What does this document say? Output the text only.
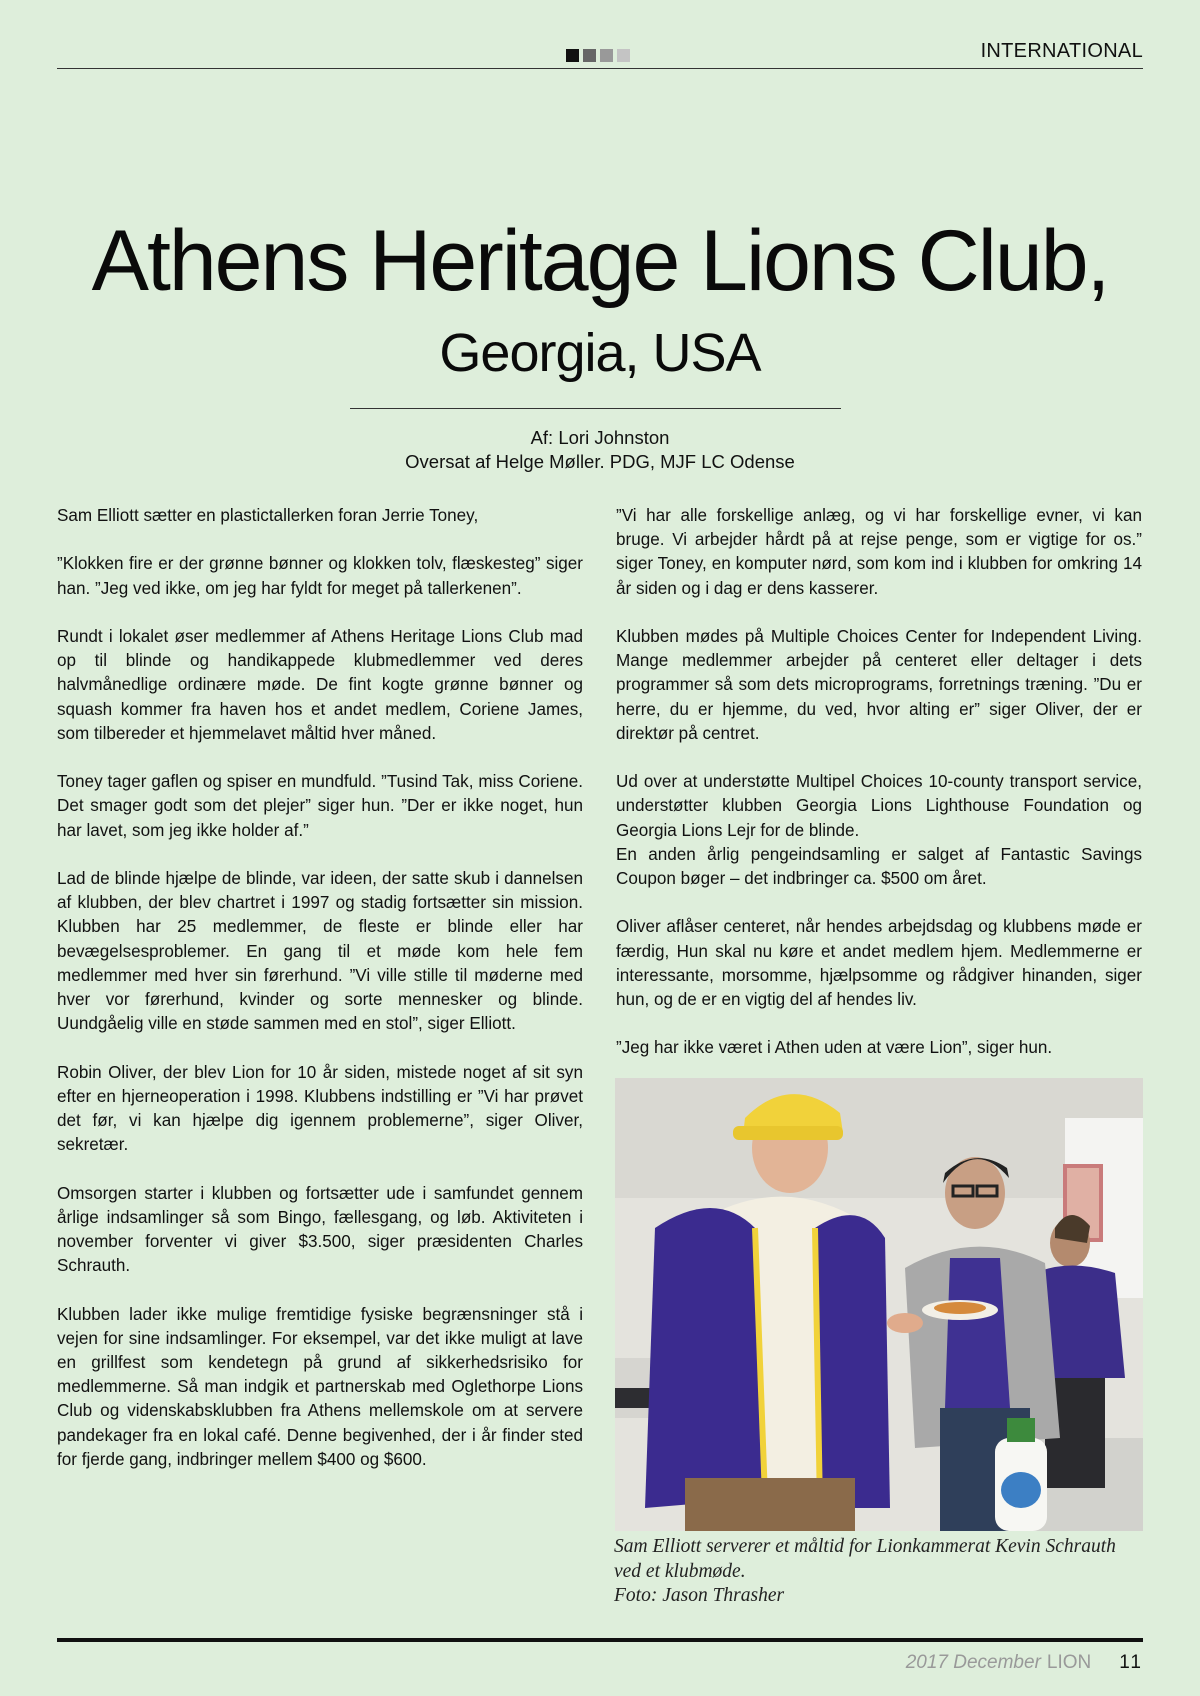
INTERNATIONAL
Athens Heritage Lions Club,
Georgia, USA
Af: Lori Johnston
Oversat af Helge Møller. PDG, MJF LC Odense

Sam Elliott sætter en plastictallerken foran Jerrie Toney,

”Klokken fire er der grønne bønner og klokken tolv, flæskesteg” siger han. ”Jeg ved ikke, om jeg har fyldt for meget på tallerkenen”.

Rundt i lokalet øser medlemmer af Athens Heritage Lions Club mad op til blinde og handikappede klubmedlemmer ved deres halvmånedlige ordinære møde. De fint kogte grønne bønner og squash kommer fra haven hos et andet medlem, Coriene James, som tilbereder et hjemmelavet måltid hver måned.

Toney tager gaflen og spiser en mundfuld. ”Tusind Tak, miss Coriene. Det smager godt som det plejer” siger hun. ”Der er ikke noget, hun har lavet, som jeg ikke holder af.”

Lad de blinde hjælpe de blinde, var ideen, der satte skub i dannelsen af klubben, der blev chartret i 1997 og stadig fortsætter sin mission. Klubben har 25 medlemmer, de fleste er blinde eller har bevægelsesproblemer. En gang til et møde kom hele fem medlemmer med hver sin førerhund. ”Vi ville stille til møderne med hver vor førerhund, kvinder og sorte mennesker og blinde. Uundgåelig ville en støde sammen med en stol”, siger Elliott.

Robin Oliver, der blev Lion for 10 år siden, mistede noget af sit syn efter en hjerneoperation i 1998. Klubbens indstilling er ”Vi har prøvet det før, vi kan hjælpe dig igennem problemerne”, siger Oliver, sekretær.

Omsorgen starter i klubben og fortsætter ude i samfundet gennem årlige indsamlinger så som Bingo, fællesgang, og løb. Aktiviteten i november forventer vi giver $3.500, siger præsidenten Charles Schrauth.

Klubben lader ikke mulige fremtidige fysiske begrænsninger stå i vejen for sine indsamlinger. For eksempel, var det ikke muligt at lave en grillfest som kendetegn på grund af sikkerhedsrisiko for medlemmerne. Så man indgik et partnerskab med Oglethorpe Lions Club og videnskabsklubben fra Athens mellemskole om at servere pandekager fra en lokal café. Denne begivenhed, der i år finder sted for fjerde gang, indbringer mellem $400 og $600.

”Vi har alle forskellige anlæg, og vi har forskellige evner, vi kan bruge. Vi arbejder hårdt på at rejse penge, som er vigtige for os.” siger Toney, en komputer nørd, som kom ind i klubben for omkring 14 år siden og i dag er dens kasserer.

Klubben mødes på Multiple Choices Center for Independent Living. Mange medlemmer arbejder på centeret eller deltager i dets programmer så som dets microprograms, forretnings træning. ”Du er herre, du er hjemme, du ved, hvor alting er” siger Oliver, der er direktør på centret.

Ud over at understøtte Multipel Choices 10-county transport service, understøtter klubben Georgia Lions Lighthouse Foundation og Georgia Lions Lejr for de blinde.

En anden årlig pengeindsamling er salget af Fantastic Savings Coupon bøger – det indbringer ca. $500 om året.

Oliver aflåser centeret, når hendes arbejdsdag og klubbens møde er færdig, Hun skal nu køre et andet medlem hjem. Medlemmerne er interessante, morsomme, hjælpsomme og rådgiver hinanden, siger hun, og de er en vigtig del af hendes liv.

”Jeg har ikke været i Athen uden at være Lion”, siger hun.

Sam Elliott serverer et måltid for Lionkammerat Kevin Schrauth
ved et klubmøde.
Foto: Jason Thrasher
2017 December LION 11
